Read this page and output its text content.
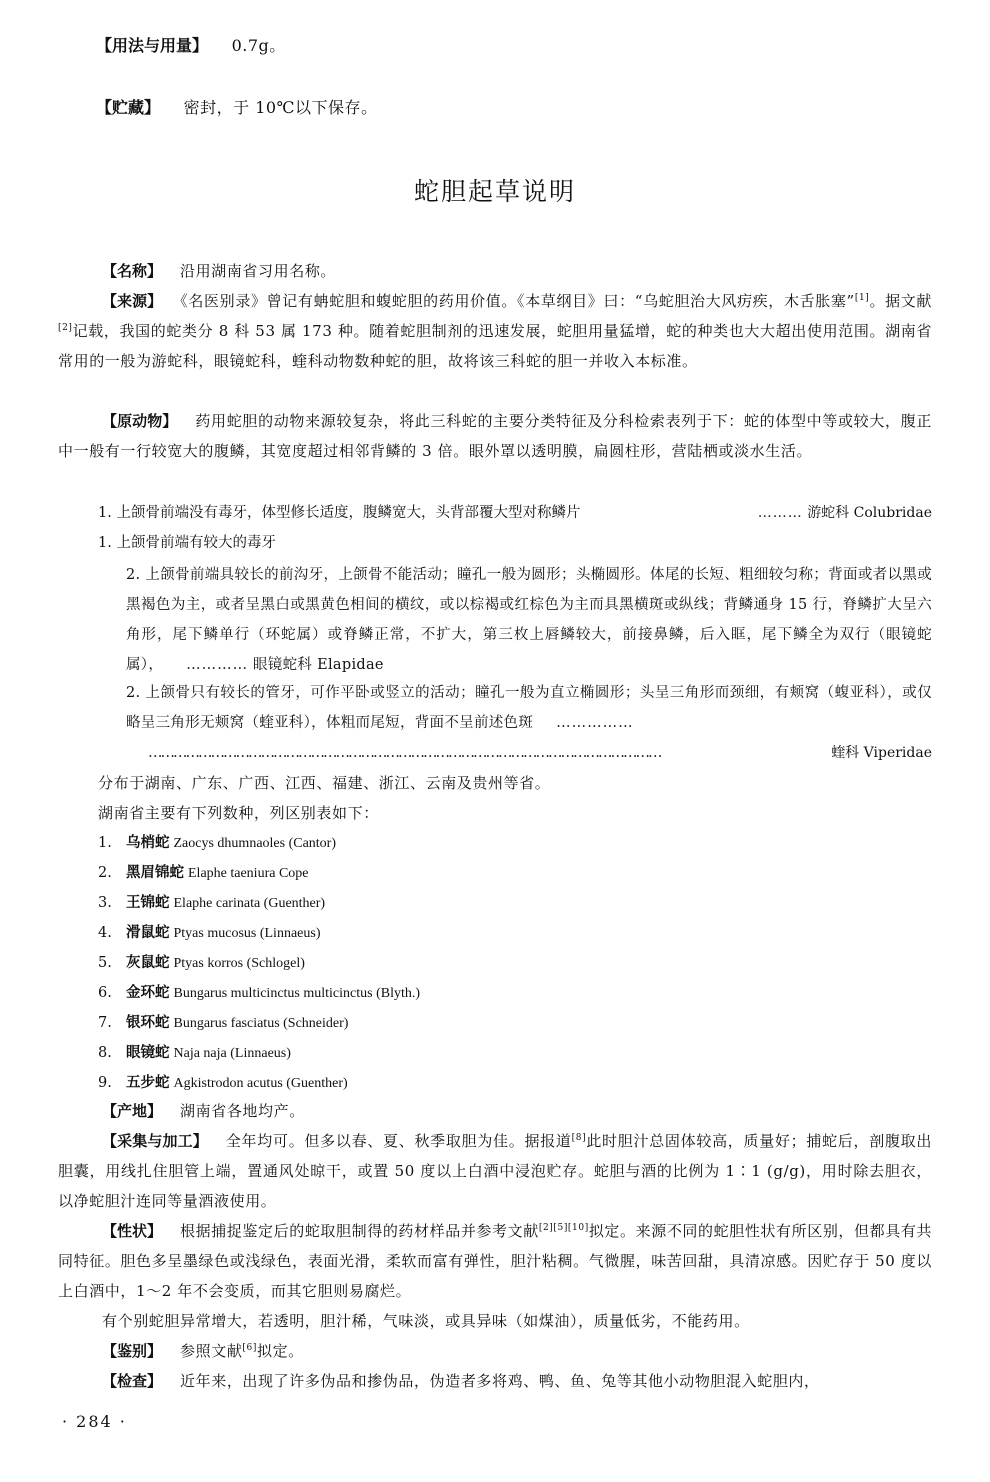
【用法与用量】 0.7g。
【贮藏】 密封，于 10℃以下保存。
蛇胆起草说明
【名称】 沿用湖南省习用名称。
【来源】 《名医别录》曾记有蚺蛇胆和蝮蛇胆的药用价值。《本草纲目》曰：“乌蛇胆治大风疠疾，木舌胀塞”[1]。据文献[2]记载，我国的蛇类分 8 科 53 属 173 种。随着蛇胆制剂的迅速发展，蛇胆用量猛增，蛇的种类也大大超出使用范围。湖南省常用的一般为游蛇科，眼镜蛇科，蝰科动物数种蛇的胆，故将该三科蛇的胆一并收入本标准。
【原动物】 药用蛇胆的动物来源较复杂，将此三科蛇的主要分类特征及分科检索表列于下：蛇的体型中等或较大，腹正中一般有一行较宽大的腹鳞，其宽度超过相邻背鳞的 3 倍。眼外罩以透明膜，扁圆柱形，营陆栖或淡水生活。
1. 上颌骨前端没有毒牙，体型修长适度，腹鳞宽大，头背部覆大型对称鳞片	……… 游蛇科 Colubridae
1. 上颌骨前端有较大的毒牙
2. 上颌骨前端具较长的前沟牙，上颌骨不能活动；瞳孔一般为圆形；头椭圆形。体尾的长短、粗细较匀称；背面或者以黑或黑褐色为主，或者呈黑白或黑黄色相间的横纹，或以棕褐或红棕色为主而具黑横斑或纵线；背鳞通身 15 行，脊鳞扩大呈六角形，尾下鳞单行（环蛇属）或脊鳞正常，不扩大，第三枚上唇鳞较大，前接鼻鳞，后入眶，尾下鳞全为双行（眼镜蛇属）， ………… 眼镜蛇科 Elapidae
2. 上颌骨只有较长的管牙，可作平卧或竖立的活动；瞳孔一般为直立椭圆形；头呈三角形而颈细，有颊窝（蝮亚科），或仅略呈三角形无颊窝（蝰亚科），体粗而尾短，背面不呈前述色斑 ……………
……………………………………………………………………………………………………………	蝰科 Viperidae
分布于湖南、广东、广西、江西、福建、浙江、云南及贵州等省。
湖南省主要有下列数种，列区别表如下：
1. 乌梢蛇 Zaocys dhumnaoles (Cantor)
2. 黑眉锦蛇 Elaphe taeniura Cope
3. 王锦蛇 Elaphe carinata (Guenther)
4. 滑鼠蛇 Ptyas mucosus (Linnaeus)
5. 灰鼠蛇 Ptyas korros (Schlogel)
6. 金环蛇 Bungarus multicinctus multicinctus (Blyth.)
7. 银环蛇 Bungarus fasciatus (Schneider)
8. 眼镜蛇 Naja naja (Linnaeus)
9. 五步蛇 Agkistrodon acutus (Guenther)
【产地】 湖南省各地均产。
【采集与加工】 全年均可。但多以春、夏、秋季取胆为佳。据报道[8]此时胆汁总固体较高，质量好；捕蛇后，剖腹取出胆囊，用线扎住胆管上端，置通风处晾干，或置 50 度以上白酒中浸泡贮存。蛇胆与酒的比例为 1∶1 (g/g)，用时除去胆衣，以净蛇胆汁连同等量酒液使用。
【性状】 根据捕捉鉴定后的蛇取胆制得的药材样品并参考文献[2][5][10]拟定。来源不同的蛇胆性状有所区别，但都具有共同特征。胆色多呈墨绿色或浅绿色，表面光滑，柔软而富有弹性，胆汁粘稠。气微腥，味苦回甜，具清凉感。因贮存于 50 度以上白酒中，1～2 年不会变质，而其它胆则易腐烂。
有个别蛇胆异常增大，若透明，胆汁稀，气味淡，或具异味（如煤油），质量低劣，不能药用。
【鉴别】 参照文献[6]拟定。
【检查】 近年来，出现了许多伪品和掺伪品，伪造者多将鸡、鸭、鱼、兔等其他小动物胆混入蛇胆内，
· 284 ·
